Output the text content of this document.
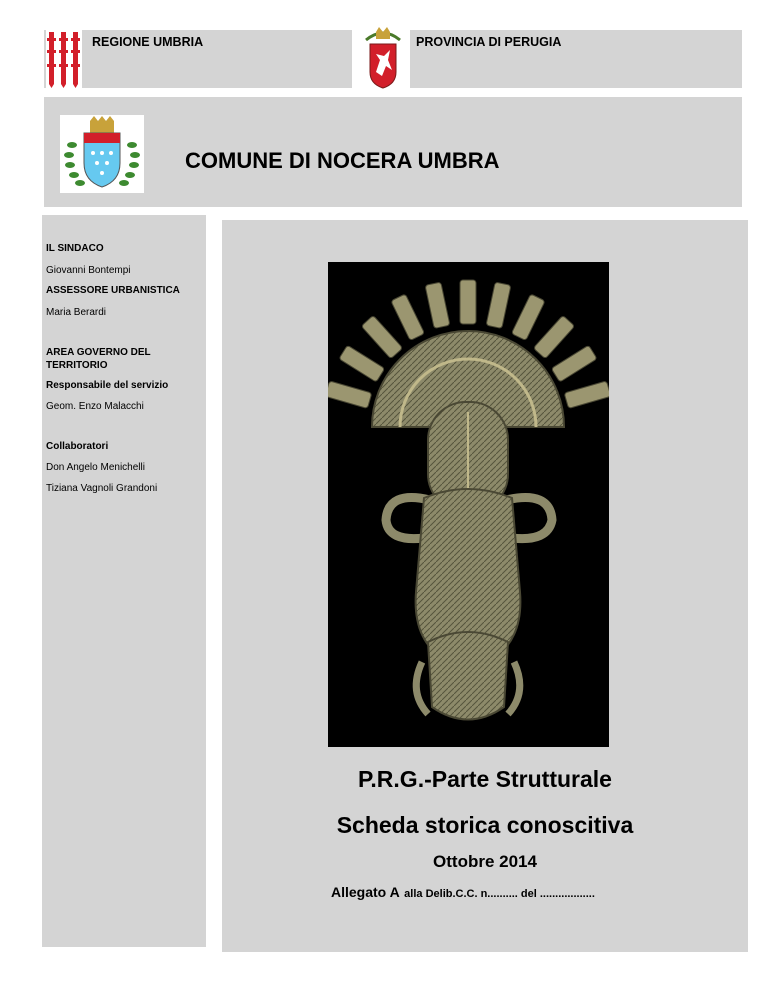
REGIONE UMBRIA	PROVINCIA DI PERUGIA
COMUNE DI NOCERA UMBRA

IL SINDACO

Giovanni Bontempi

ASSESSORE URBANISTICA

Maria Berardi

AREA GOVERNO DEL TERRITORIO

Responsabile del servizio

Geom. Enzo Malacchi

Collaboratori

Don Angelo Menichelli

Tiziana Vagnoli Grandoni

P.R.G.-Parte Strutturale
Scheda storica conoscitiva
Ottobre 2014
Allegato A alla Delib.C.C. n.......... del ..................
